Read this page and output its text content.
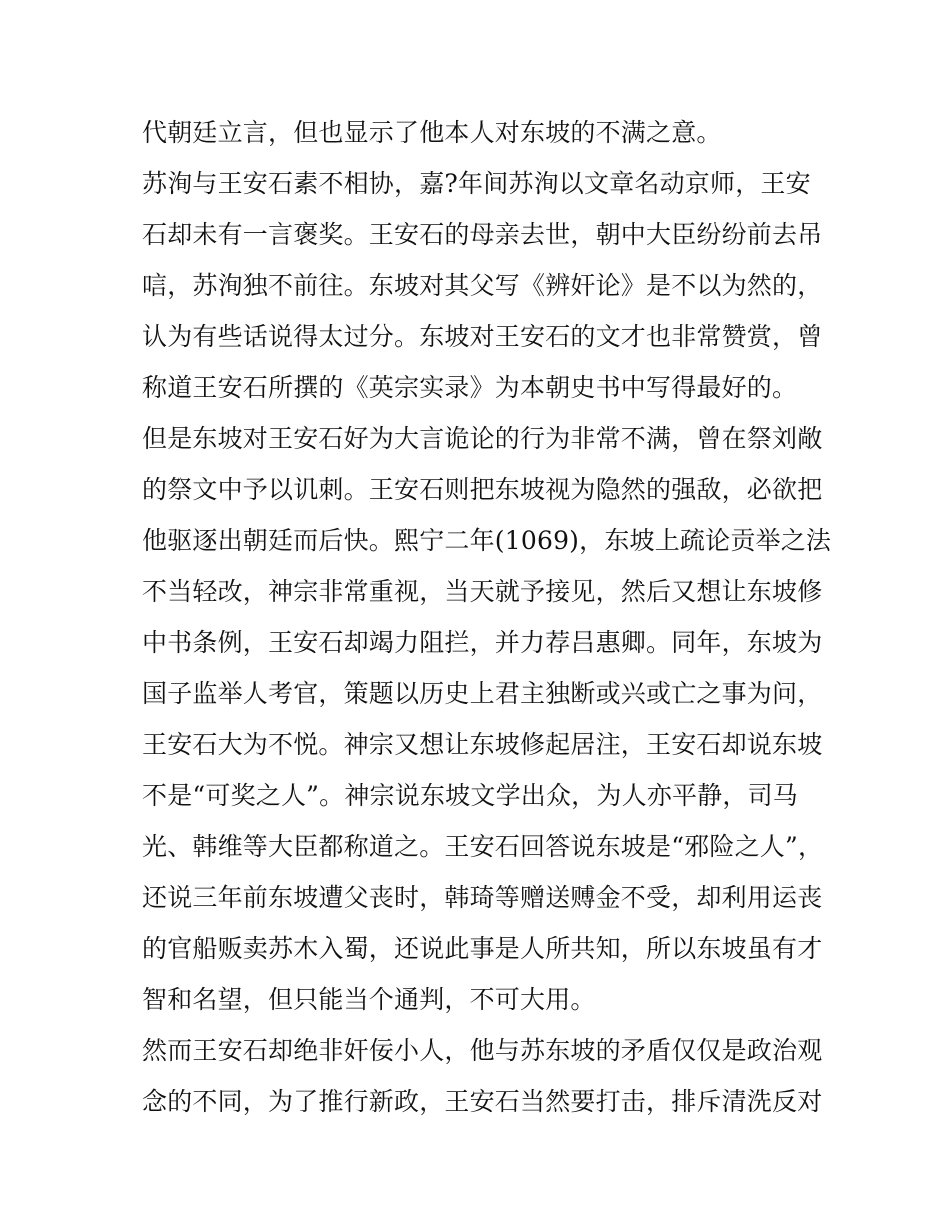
代朝廷立言，但也显示了他本人对东坡的不满之意。
苏洵与王安石素不相协，嘉?年间苏洵以文章名动京师，王安
石却未有一言褒奖。王安石的母亲去世，朝中大臣纷纷前去吊
唁，苏洵独不前往。东坡对其父写《辨奸论》是不以为然的，
认为有些话说得太过分。东坡对王安石的文才也非常赞赏，曾
称道王安石所撰的《英宗实录》为本朝史书中写得最好的。
但是东坡对王安石好为大言诡论的行为非常不满，曾在祭刘敞
的祭文中予以讥刺。王安石则把东坡视为隐然的强敌，必欲把
他驱逐出朝廷而后快。熙宁二年(1069)，东坡上疏论贡举之法
不当轻改，神宗非常重视，当天就予接见，然后又想让东坡修
中书条例，王安石却竭力阻拦，并力荐吕惠卿。同年，东坡为
国子监举人考官，策题以历史上君主独断或兴或亡之事为问，
王安石大为不悦。神宗又想让东坡修起居注，王安石却说东坡
不是“可奖之人”。神宗说东坡文学出众，为人亦平静，司马
光、韩维等大臣都称道之。王安石回答说东坡是“邪险之人”，
还说三年前东坡遭父丧时，韩琦等赠送赙金不受，却利用运丧
的官船贩卖苏木入蜀，还说此事是人所共知，所以东坡虽有才
智和名望，但只能当个通判，不可大用。
然而王安石却绝非奸佞小人，他与苏东坡的矛盾仅仅是政治观
念的不同，为了推行新政，王安石当然要打击，排斥清洗反对
